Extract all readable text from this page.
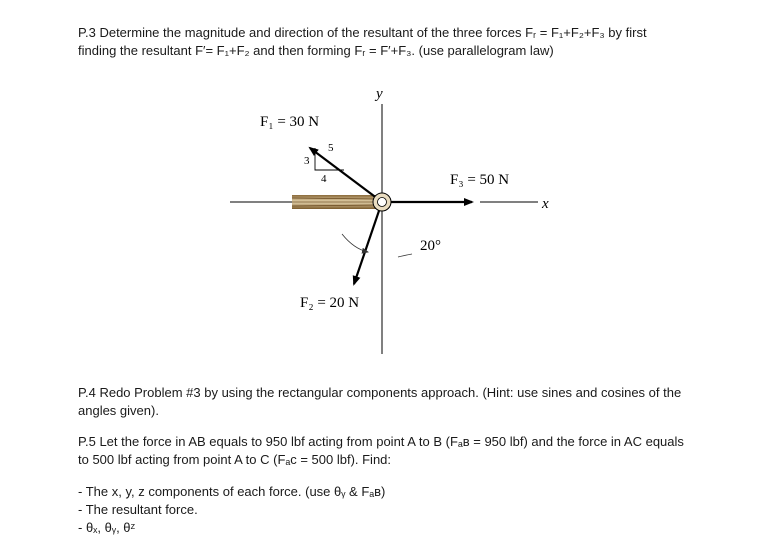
P.3 Determine the magnitude and direction of the resultant of the three forces Fᵣ = F₁+F₂+F₃ by first
finding the resultant F′= F₁+F₂ and then forming Fᵣ = F′+F₃. (use parallelogram law)
y
x
3
4
5
F₁ = 30 N
20°
F₂ = 20 N
F₃ = 50 N
P.4 Redo Problem #3 by using the rectangular components approach. (Hint: use sines and cosines of the
angles given).
P.5 Let the force in AB equals to 950 lbf acting from point A to B (Fₐʙ = 950 lbf) and the force in AC equals
to 500 lbf acting from point A to C (Fₐᴄ = 500 lbf). Find:
- The x, y, z components of each force. (use θᵧ & Fₐʙ)
- The resultant force.
- θₓ, θᵧ, θᶻ
